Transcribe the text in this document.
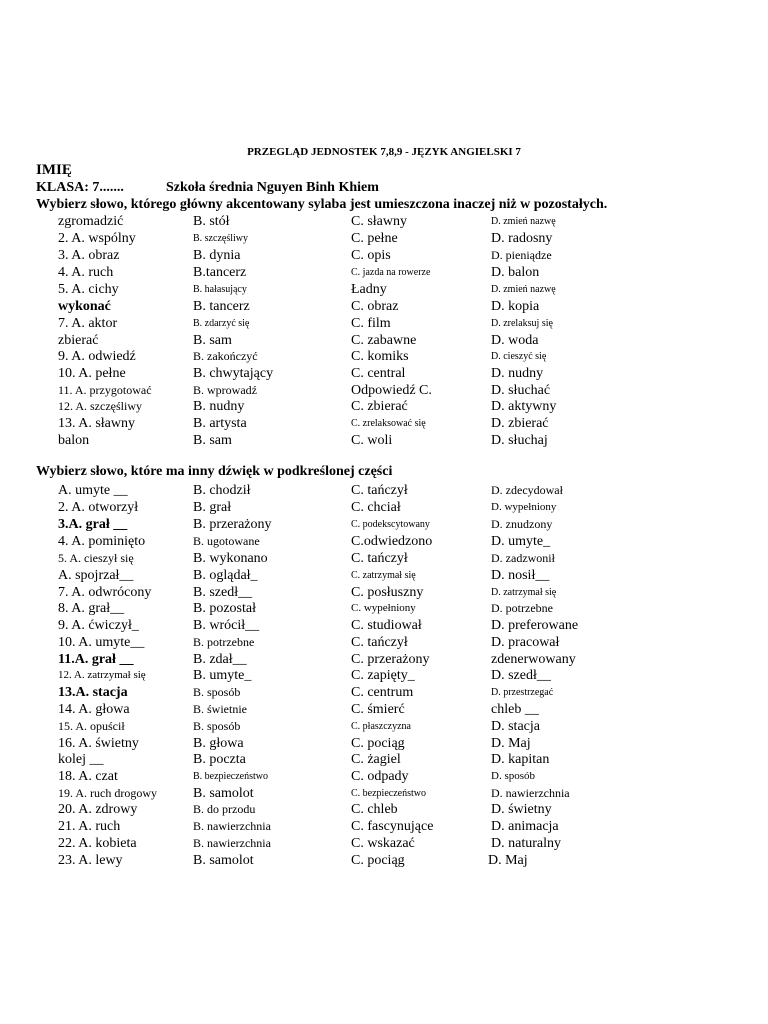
PRZEGLĄD JEDNOSTEK 7,8,9 - JĘZYK ANGIELSKI 7
IMIĘ
KLASA: 7.......	Szkoła średnia Nguyen Binh Khiem
Wybierz słowo, którego główny akcentowany sylaba jest umieszczona inaczej niż w pozostałych.
zgromadzić	B. stół	C. sławny	D. zmień nazwę
2. A. wspólny	B. szczęśliwy	C. pełne	D. radosny
3. A. obraz	B. dynia	C. opis	D. pieniądze
4. A. ruch	B.tancerz	C. jazda na rowerze	D. balon
5. A. cichy	B. hałasujący	Ładny	D. zmień nazwę
wykonać	B. tancerz	C. obraz	D. kopia
7. A. aktor	B. zdarzyć się	C. film	D. zrelaksuj się
zbierać	B. sam	C. zabawne	D. woda
9. A. odwiedź	B. zakończyć	C. komiks	D. cieszyć się
10. A. pełne	B. chwytający	C. central	D. nudny
11. A. przygotować	B. wprowadź	Odpowiedź C.	D. słuchać
12. A. szczęśliwy	B. nudny	C. zbierać	D. aktywny
13. A. sławny	B. artysta	C. zrelaksować się	D. zbierać
balon	B. sam	C. woli	D. słuchaj
Wybierz słowo, które ma inny dźwięk w podkreślonej części
A. umyte __	B. chodził	C. tańczył	D. zdecydował
2. A. otworzył	B. grał	C. chciał	D. wypełniony
3.A. grał __	B. przerażony	C. podekscytowany	D. znudzony
4. A. pominięto	B. ugotowane	C.odwiedzono	D. umyte_
5. A. cieszył się	B. wykonano	C. tańczył	D. zadzwonił
A. spojrzał__	B. oglądał_	C. zatrzymał się	D. nosił__
7. A. odwrócony	B. szedł__	C. posłuszny	D. zatrzymał się
8. A. grał__	B. pozostał	C. wypełniony	D. potrzebne
9. A. ćwiczył_	B. wrócił__	C. studiował	D. preferowane
10. A. umyte__	B. potrzebne	C. tańczył	D. pracował
11.A. grał __	B. zdał__	C. przerażony	zdenerwowany
12. A. zatrzymał się	B. umyte_	C. zapięty_	D. szedł__
13.A. stacja	B. sposób	C. centrum	D. przestrzegać
14. A. głowa	B. świetnie	C. śmierć	chleb __
15. A. opuścił	B. sposób	C. płaszczyzna	D. stacja
16. A. świetny	B. głowa	C. pociąg	D. Maj
kolej __	B. poczta	C. żagiel	D. kapitan
18. A. czat	B. bezpieczeństwo	C. odpady	D. sposób
19. A. ruch drogowy	B. samolot	C. bezpieczeństwo	D. nawierzchnia
20. A. zdrowy	B. do przodu	C. chleb	D. świetny
21. A. ruch	B. nawierzchnia	C. fascynujące	D. animacja
22. A. kobieta	B. nawierzchnia	C. wskazać	D. naturalny
23. A. lewy	B. samolot	C. pociąg	D. Maj
